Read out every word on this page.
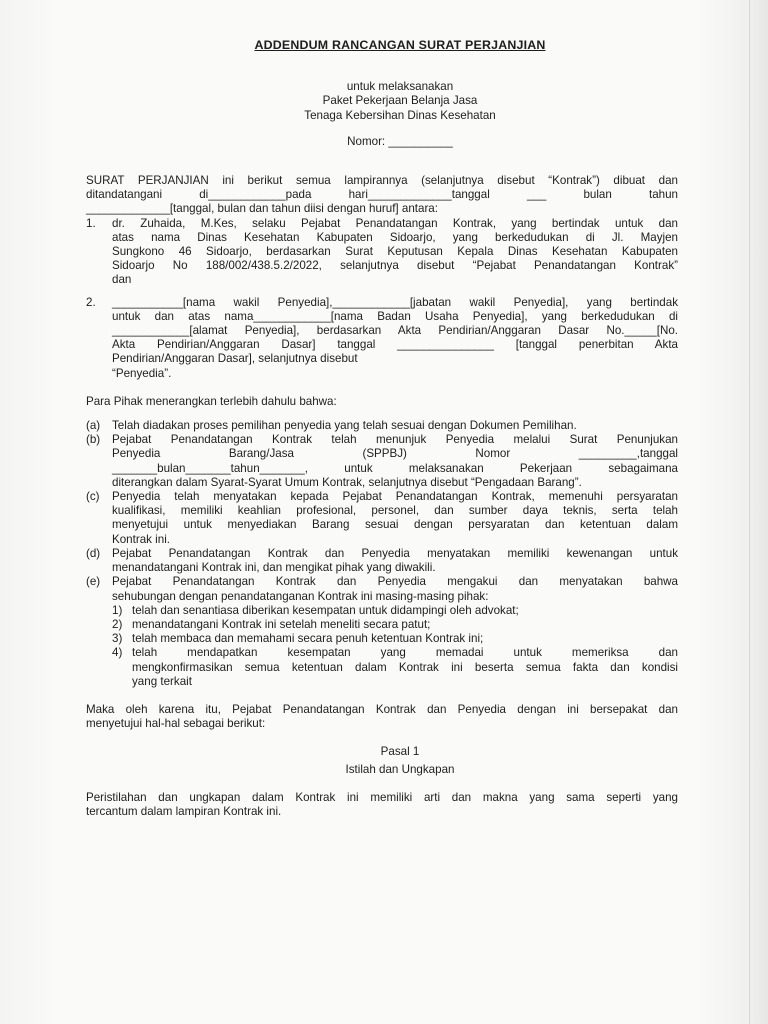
ADDENDUM RANCANGAN SURAT PERJANJIAN
untuk melaksanakan
Paket Pekerjaan Belanja Jasa
Tenaga Kebersihan Dinas Kesehatan
Nomor: __________
SURAT PERJANJIAN ini berikut semua lampirannya (selanjutnya disebut “Kontrak”) dibuat dan
ditandatangani di____________pada hari_____________tanggal ___ bulan tahun
_____________[tanggal, bulan dan tahun diisi dengan huruf] antara:
1.	dr. Zuhaida, M.Kes, selaku Pejabat Penandatangan Kontrak, yang bertindak untuk dan
atas nama Dinas Kesehatan Kabupaten Sidoarjo, yang berkedudukan di Jl. Mayjen
Sungkono 46 Sidoarjo, berdasarkan Surat Keputusan Kepala Dinas Kesehatan Kabupaten
Sidoarjo No 188/002/438.5.2/2022, selanjutnya disebut “Pejabat Penandatangan Kontrak”
dan
2.	___________[nama wakil Penyedia],____________[jabatan wakil Penyedia], yang bertindak
untuk dan atas nama____________[nama Badan Usaha Penyedia], yang berkedudukan di
____________[alamat Penyedia], berdasarkan Akta Pendirian/Anggaran Dasar No._____[No.
Akta Pendirian/Anggaran Dasar] tanggal _______________ [tanggal penerbitan Akta
Pendirian/Anggaran Dasar], selanjutnya disebut
“Penyedia”.
Para Pihak menerangkan terlebih dahulu bahwa:
(a)	Telah diadakan proses pemilihan penyedia yang telah sesuai dengan Dokumen Pemilihan.
(b)	Pejabat Penandatangan Kontrak telah menunjuk Penyedia melalui Surat Penunjukan
Penyedia Barang/Jasa (SPPBJ) Nomor _________,tanggal
_______bulan_______tahun_______, untuk melaksanakan Pekerjaan sebagaimana
diterangkan dalam Syarat-Syarat Umum Kontrak, selanjutnya disebut “Pengadaan Barang”.
(c)	Penyedia telah menyatakan kepada Pejabat Penandatangan Kontrak, memenuhi persyaratan
kualifikasi, memiliki keahlian profesional, personel, dan sumber daya teknis, serta telah
menyetujui untuk menyediakan Barang sesuai dengan persyaratan dan ketentuan dalam
Kontrak ini.
(d)	Pejabat Penandatangan Kontrak dan Penyedia menyatakan memiliki kewenangan untuk
menandatangani Kontrak ini, dan mengikat pihak yang diwakili.
(e)	Pejabat Penandatangan Kontrak dan Penyedia mengakui dan menyatakan bahwa
sehubungan dengan penandatanganan Kontrak ini masing-masing pihak:
1) telah dan senantiasa diberikan kesempatan untuk didampingi oleh advokat;
2) menandatangani Kontrak ini setelah meneliti secara patut;
3) telah membaca dan memahami secara penuh ketentuan Kontrak ini;
4) telah mendapatkan kesempatan yang memadai untuk memeriksa dan
mengkonfirmasikan semua ketentuan dalam Kontrak ini beserta semua fakta dan kondisi
yang terkait
Maka oleh karena itu, Pejabat Penandatangan Kontrak dan Penyedia dengan ini bersepakat dan
menyetujui hal-hal sebagai berikut:
Pasal 1
Istilah dan Ungkapan
Peristilahan dan ungkapan dalam Kontrak ini memiliki arti dan makna yang sama seperti yang
tercantum dalam lampiran Kontrak ini.
